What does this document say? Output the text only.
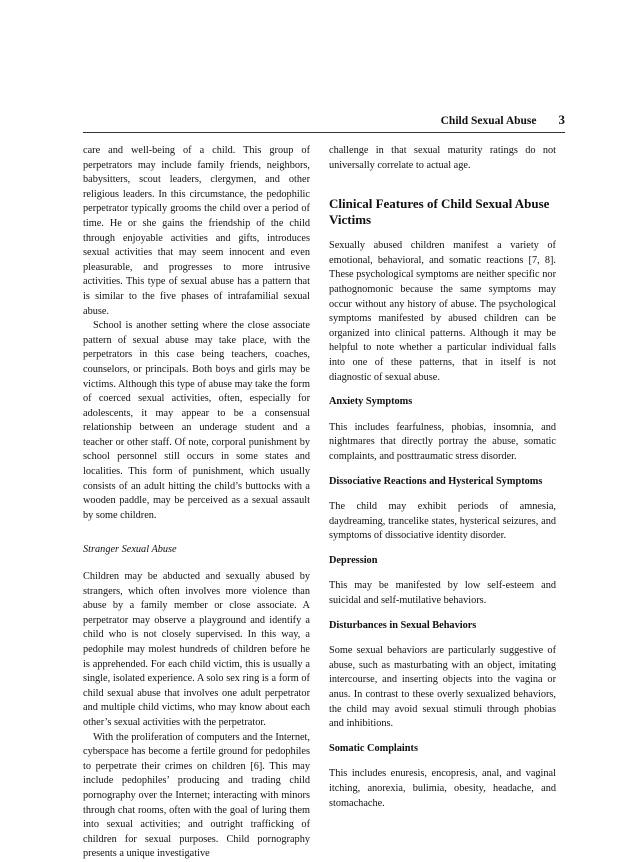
Child Sexual Abuse 3

care and well-being of a child. This group of perpetrators may include family friends, neighbors, babysitters, scout leaders, clergymen, and other religious leaders. In this circumstance, the pedophilic perpetrator typically grooms the child over a period of time. He or she gains the friendship of the child through enjoyable activities and gifts, introduces sexual activities that may seem innocent and even pleasurable, and progresses to more intrusive activities. This type of sexual abuse has a pattern that is similar to the five phases of intrafamilial sexual abuse.

School is another setting where the close associate pattern of sexual abuse may take place, with the perpetrators in this case being teachers, coaches, counselors, or principals. Both boys and girls may be victims. Although this type of abuse may take the form of coerced sexual activities, often, especially for adolescents, it may appear to be a consensual relationship between an underage student and a teacher or other staff. Of note, corporal punishment by school personnel still occurs in some states and localities. This form of punishment, which usually consists of an adult hitting the child’s buttocks with a wooden paddle, may be perceived as a sexual assault by some children.

Stranger Sexual Abuse

Children may be abducted and sexually abused by strangers, which often involves more violence than abuse by a family member or close associate. A perpetrator may observe a playground and identify a child who is not closely supervised. In this way, a pedophile may molest hundreds of children before he is apprehended. For each child victim, this is usually a single, isolated experience. A solo sex ring is a form of child sexual abuse that involves one adult perpetrator and multiple child victims, who may know about each other’s sexual activities with the perpetrator.

With the proliferation of computers and the Internet, cyberspace has become a fertile ground for pedophiles to perpetrate their crimes on children [6]. This may include pedophiles’ producing and trading child pornography over the Internet; interacting with minors through chat rooms, often with the goal of luring them into sexual activities; and outright trafficking of children for sexual purposes. Child pornography presents a unique investigative

challenge in that sexual maturity ratings do not universally correlate to actual age.

Clinical Features of Child Sexual Abuse Victims

Sexually abused children manifest a variety of emotional, behavioral, and somatic reactions [7, 8]. These psychological symptoms are neither specific nor pathognomonic because the same symptoms may occur without any history of abuse. The psychological symptoms manifested by abused children can be organized into clinical patterns. Although it may be helpful to note whether a particular individual falls into one of these patterns, that in itself is not diagnostic of sexual abuse.

Anxiety Symptoms

This includes fearfulness, phobias, insomnia, and nightmares that directly portray the abuse, somatic complaints, and posttraumatic stress disorder.

Dissociative Reactions and Hysterical Symptoms

The child may exhibit periods of amnesia, daydreaming, trancelike states, hysterical seizures, and symptoms of dissociative identity disorder.

Depression

This may be manifested by low self-esteem and suicidal and self-mutilative behaviors.

Disturbances in Sexual Behaviors

Some sexual behaviors are particularly suggestive of abuse, such as masturbating with an object, imitating intercourse, and inserting objects into the vagina or anus. In contrast to these overly sexualized behaviors, the child may avoid sexual stimuli through phobias and inhibitions.

Somatic Complaints

This includes enuresis, encopresis, anal, and vaginal itching, anorexia, bulimia, obesity, headache, and stomachache.
